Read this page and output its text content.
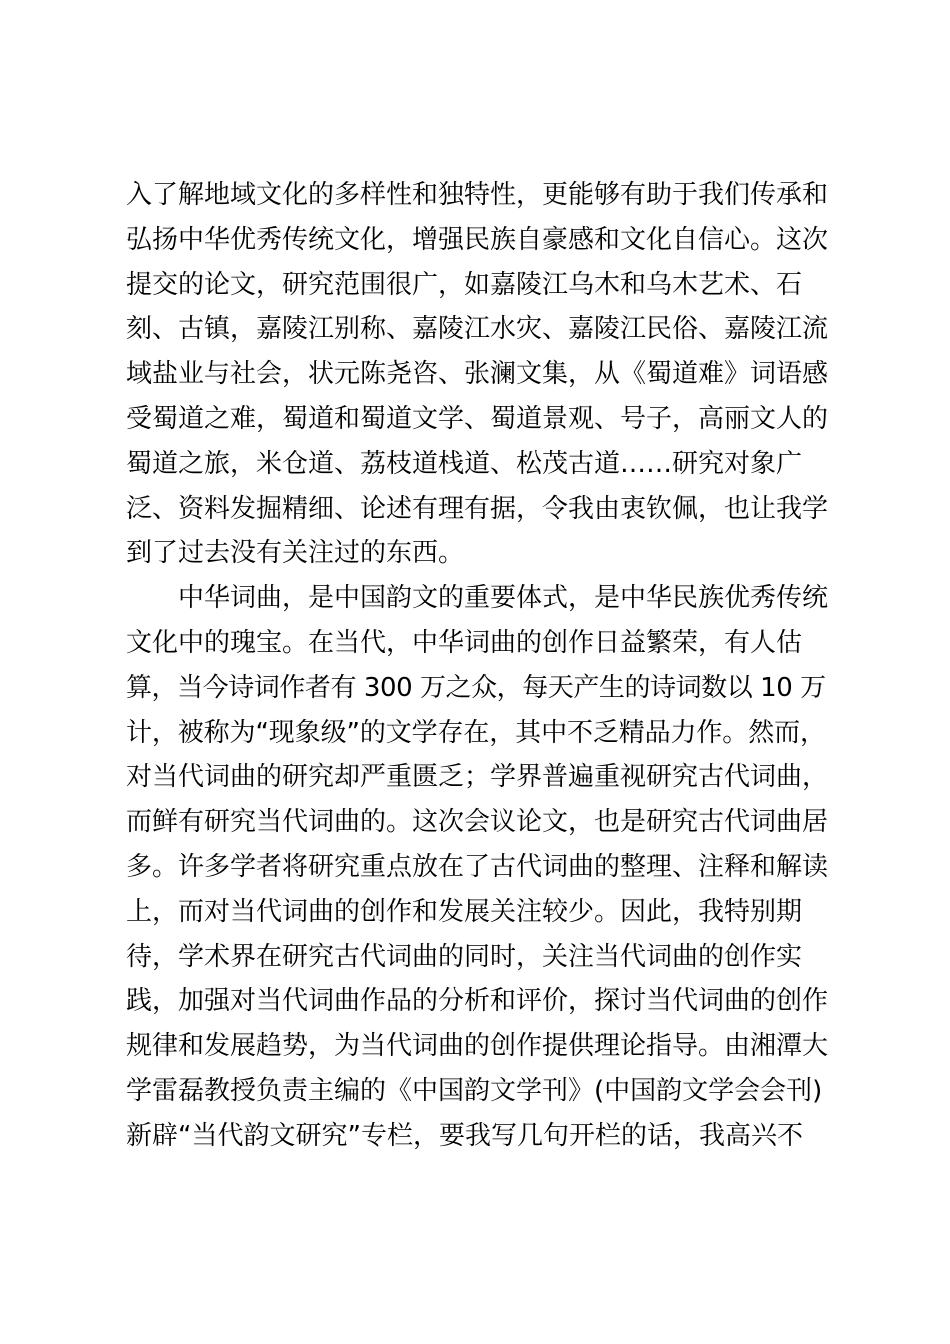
入了解地域文化的多样性和独特性，更能够有助于我们传承和
弘扬中华优秀传统文化，增强民族自豪感和文化自信心。这次
提交的论文，研究范围很广，如嘉陵江乌木和乌木艺术、石
刻、古镇，嘉陵江别称、嘉陵江水灾、嘉陵江民俗、嘉陵江流
域盐业与社会，状元陈尧咨、张澜文集，从《蜀道难》词语感
受蜀道之难，蜀道和蜀道文学、蜀道景观、号子，高丽文人的
蜀道之旅，米仓道、荔枝道栈道、松茂古道……研究对象广
泛、资料发掘精细、论述有理有据，令我由衷钦佩，也让我学
到了过去没有关注过的东西。
中华词曲，是中国韵文的重要体式，是中华民族优秀传统
文化中的瑰宝。在当代，中华词曲的创作日益繁荣，有人估
算，当今诗词作者有 300 万之众，每天产生的诗词数以 10 万
计，被称为“现象级”的文学存在，其中不乏精品力作。然而，
对当代词曲的研究却严重匮乏；学界普遍重视研究古代词曲，
而鲜有研究当代词曲的。这次会议论文，也是研究古代词曲居
多。许多学者将研究重点放在了古代词曲的整理、注释和解读
上，而对当代词曲的创作和发展关注较少。因此，我特别期
待，学术界在研究古代词曲的同时，关注当代词曲的创作实
践，加强对当代词曲作品的分析和评价，探讨当代词曲的创作
规律和发展趋势，为当代词曲的创作提供理论指导。由湘潭大
学雷磊教授负责主编的《中国韵文学刊》(中国韵文学会会刊)
新辟“当代韵文研究”专栏，要我写几句开栏的话，我高兴不
